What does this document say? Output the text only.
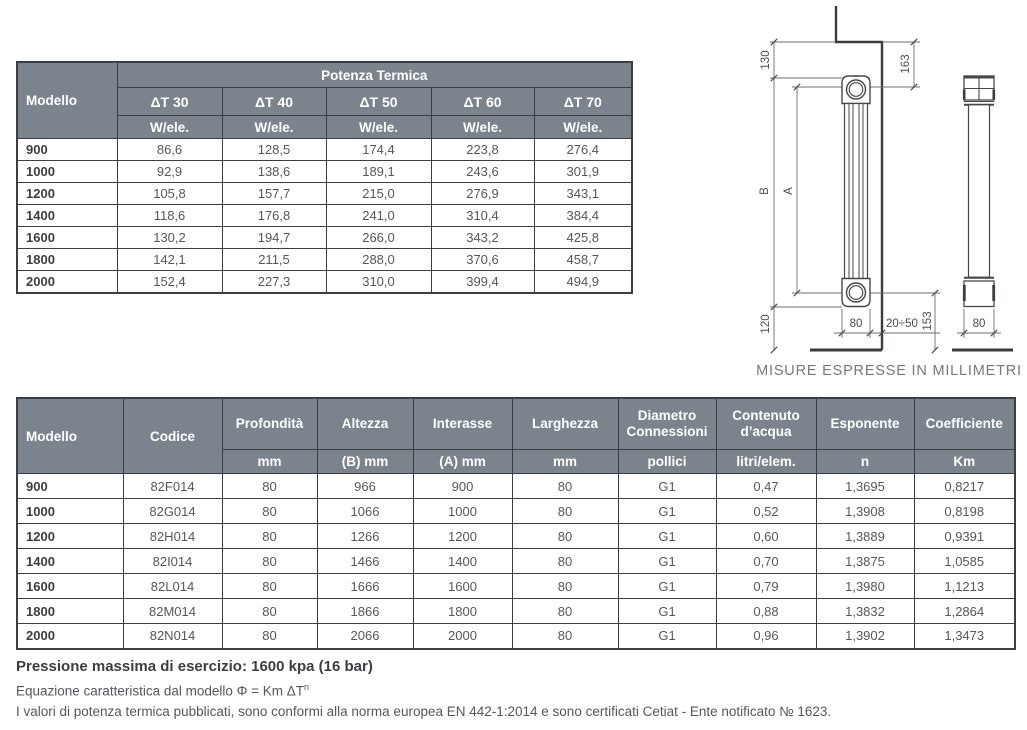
Modello	Potenza Termica				
	ΔT 30	ΔT 40	ΔT 50	ΔT 60	ΔT 70
	W/ele.	W/ele.	W/ele.	W/ele.	W/ele.
900	86,6	128,5	174,4	223,8	276,4
1000	92,9	138,6	189,1	243,6	301,9
1200	105,8	157,7	215,0	276,9	343,1
1400	118,6	176,8	241,0	310,4	384,4
1600	130,2	194,7	266,0	343,2	425,8
1800	142,1	211,5	288,0	370,6	458,7
2000	152,4	227,3	310,0	399,4	494,9
130	163
B A
120	153
80 20÷50	80
MISURE ESPRESSE IN MILLIMETRI
Modello	Codice	Profondità	Altezza	Interasse	Larghezza	Diametro Connessioni	Contenuto d’acqua	Esponente	Coefficiente
		mm	(B) mm	(A) mm	mm	pollici	litri/elem.	n	Km
900	82F014	80	966	900	80	G1	0,47	1,3695	0,8217
1000	82G014	80	1066	1000	80	G1	0,52	1,3908	0,8198
1200	82H014	80	1266	1200	80	G1	0,60	1,3889	0,9391
1400	82I014	80	1466	1400	80	G1	0,70	1,3875	1,0585
1600	82L014	80	1666	1600	80	G1	0,79	1,3980	1,1213
1800	82M014	80	1866	1800	80	G1	0,88	1,3832	1,2864
2000	82N014	80	2066	2000	80	G1	0,96	1,3902	1,3473

Pressione massima di esercizio: 1600 kpa (16 bar)

Equazione caratteristica dal modello Φ = Km $\Delta T^n$

I valori di potenza termica pubblicati, sono conformi alla norma europea EN 442-1:2014 e sono certificati Cetiat - Ente notificato № 1623.
